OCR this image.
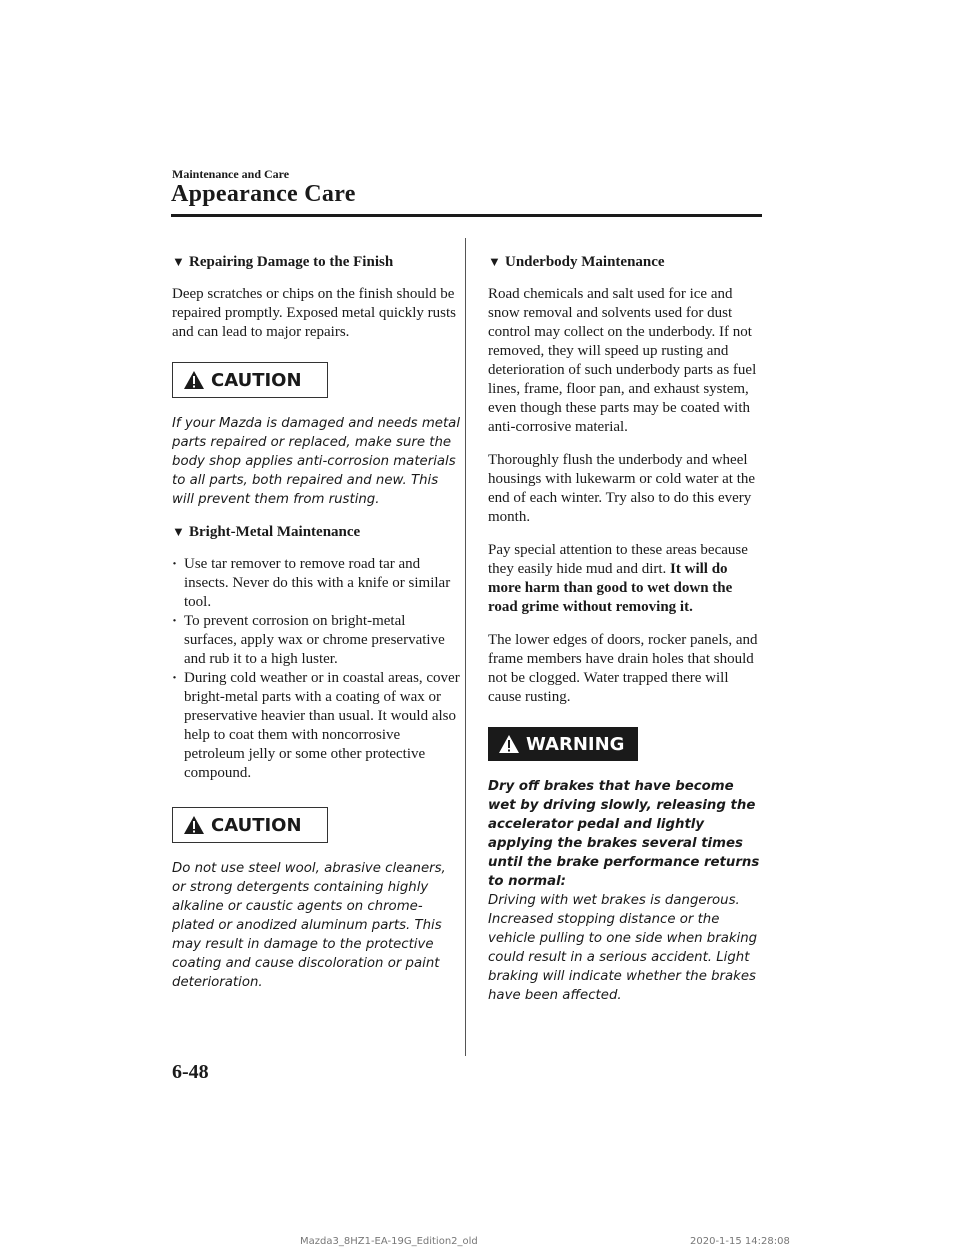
Maintenance and Care
Appearance Care
▼ Repairing Damage to the Finish

Deep scratches or chips on the finish should be repaired promptly. Exposed metal quickly rusts and can lead to major repairs.

CAUTION

If your Mazda is damaged and needs metal parts repaired or replaced, make sure the body shop applies anti-corrosion materials to all parts, both repaired and new. This will prevent them from rusting.

▼ Bright-Metal Maintenance
· Use tar remover to remove road tar and insects. Never do this with a knife or similar tool.
· To prevent corrosion on bright-metal surfaces, apply wax or chrome preservative and rub it to a high luster.
· During cold weather or in coastal areas, cover bright-metal parts with a coating of wax or preservative heavier than usual. It would also help to coat them with noncorrosive petroleum jelly or some other protective compound.
CAUTION

Do not use steel wool, abrasive cleaners, or strong detergents containing highly alkaline or caustic agents on chrome-plated or anodized aluminum parts. This may result in damage to the protective coating and cause discoloration or paint deterioration.

▼ Underbody Maintenance

Road chemicals and salt used for ice and snow removal and solvents used for dust control may collect on the underbody. If not removed, they will speed up rusting and deterioration of such underbody parts as fuel lines, frame, floor pan, and exhaust system, even though these parts may be coated with anti-corrosive material.

Thoroughly flush the underbody and wheel housings with lukewarm or cold water at the end of each winter. Try also to do this every month.

Pay special attention to these areas because they easily hide mud and dirt. It will do more harm than good to wet down the road grime without removing it.

The lower edges of doors, rocker panels, and frame members have drain holes that should not be clogged. Water trapped there will cause rusting.

WARNING

Dry off brakes that have become wet by driving slowly, releasing the accelerator pedal and lightly applying the brakes several times until the brake performance returns to normal:
Driving with wet brakes is dangerous. Increased stopping distance or the vehicle pulling to one side when braking could result in a serious accident. Light braking will indicate whether the brakes have been affected.

6-48
Mazda3_8HZ1-EA-19G_Edition2_old	2020-1-15 14:28:08
